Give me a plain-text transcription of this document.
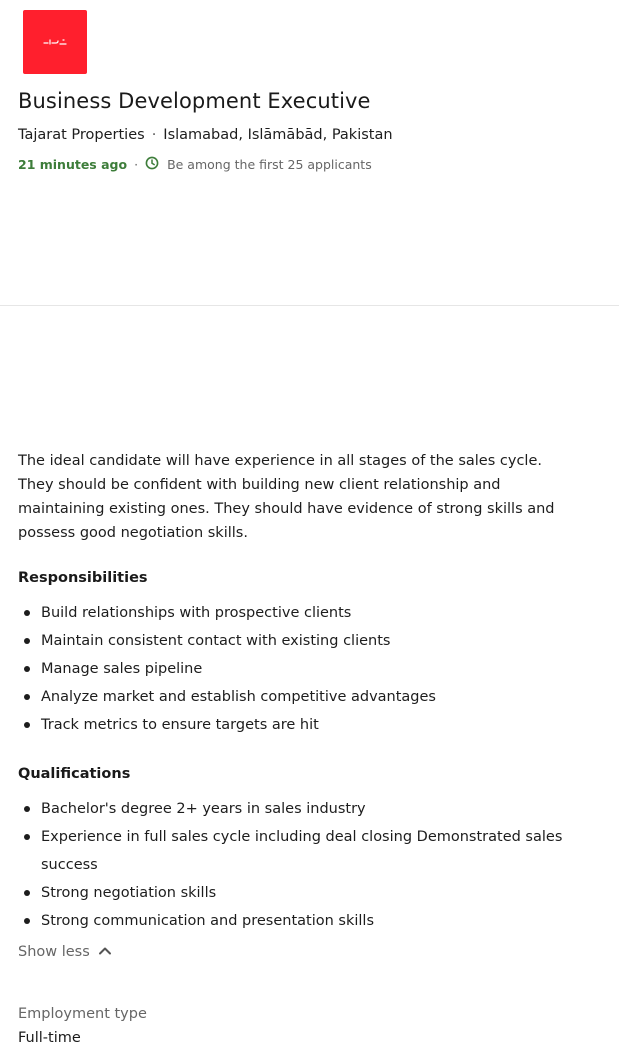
Business Development Executive
Tajarat Properties · Islamabad, Islāmābād, Pakistan
21 minutes ago · Be among the first 25 applicants

The ideal candidate will have experience in all stages of the sales cycle. They should be confident with building new client relationship and maintaining existing ones. They should have evidence of strong skills and possess good negotiation skills.

Responsibilities
Build relationships with prospective clients
Maintain consistent contact with existing clients
Manage sales pipeline
Analyze market and establish competitive advantages
Track metrics to ensure targets are hit
Qualifications
Bachelor's degree 2+ years in sales industry
Experience in full sales cycle including deal closing Demonstrated sales success
Strong negotiation skills
Strong communication and presentation skills
Show less
Employment type
Full-time
